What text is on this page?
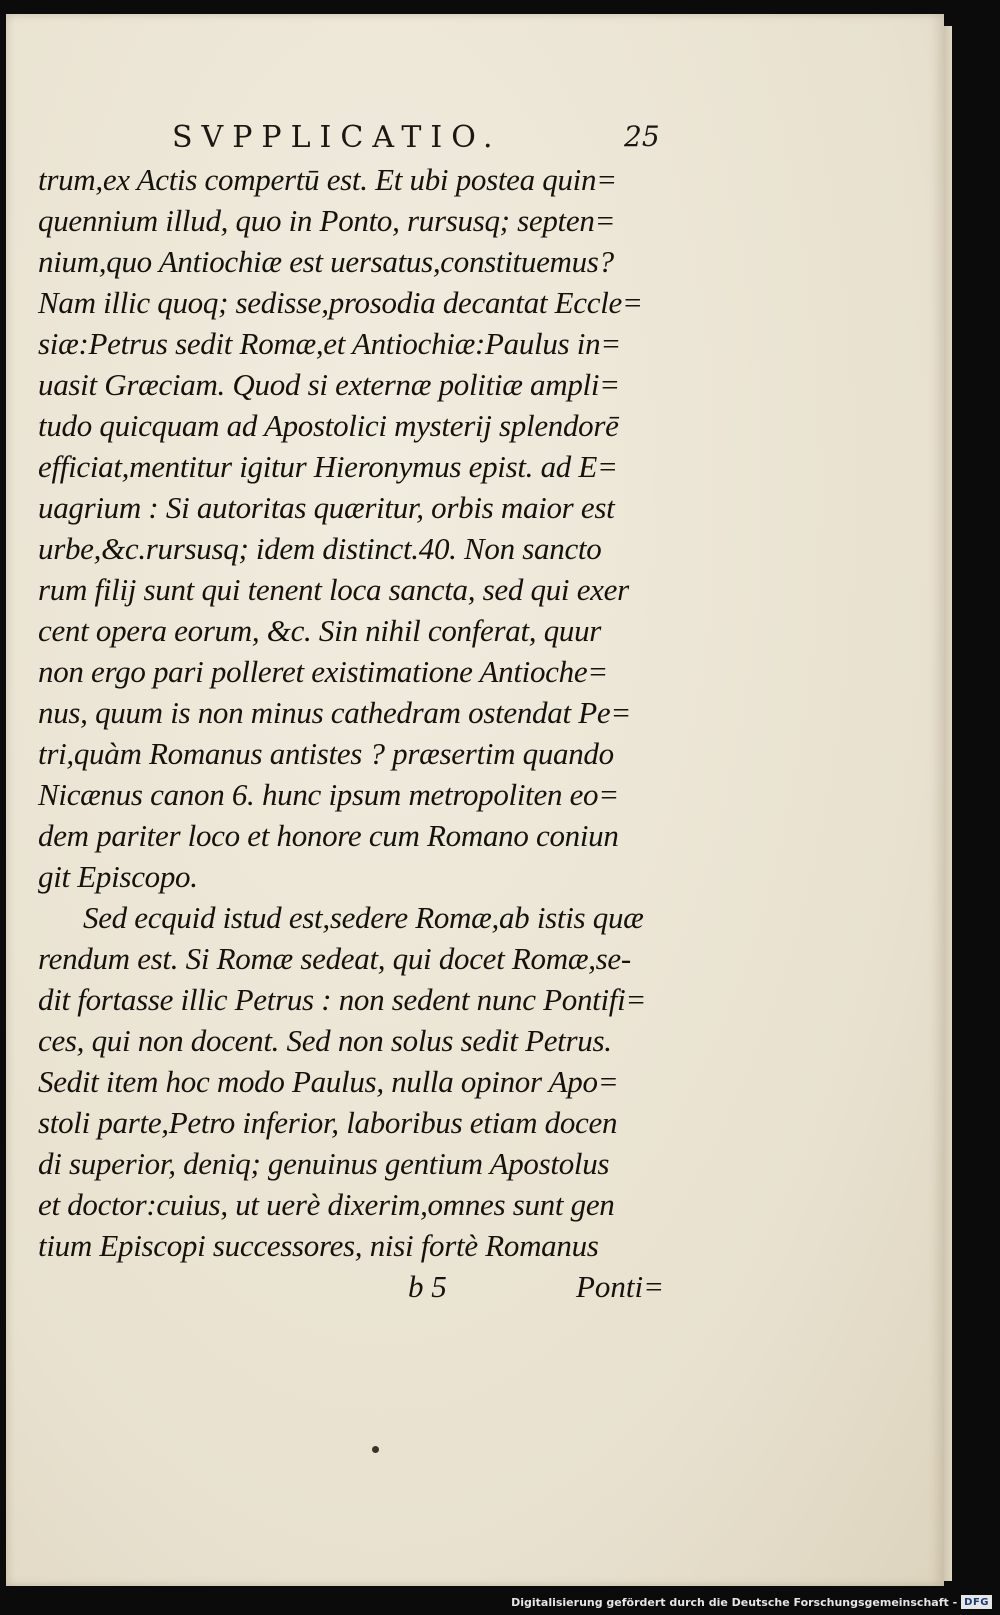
SVPPLICATIO.	25
trum,ex Actis compertū est. Et ubi postea quin=
quennium illud, quo in Ponto, rursusq; septen=
nium,quo Antiochiæ est uersatus,constituemus?
Nam illic quoq; sedisse,prosodia decantat Eccle=
siæ:Petrus sedit Romæ,et Antiochiæ:Paulus in=
uasit Græciam. Quod si externæ politiæ ampli=
tudo quicquam ad Apostolici mysterij splendorē
efficiat,mentitur igitur Hieronymus epist. ad E=
uagrium : Si autoritas quæritur, orbis maior est
urbe,&c.rursusq; idem distinct.40. Non sancto
rum filij sunt qui tenent loca sancta, sed qui exer
cent opera eorum, &c. Sin nihil conferat, quur
non ergo pari polleret existimatione Antioche=
nus, quum is non minus cathedram ostendat Pe=
tri,quàm Romanus antistes ? præsertim quando
Nicænus canon 6. hunc ipsum metropoliten eo=
dem pariter loco et honore cum Romano coniun
git Episcopo.
Sed ecquid istud est,sedere Romæ,ab istis quæ
rendum est. Si Romæ sedeat, qui docet Romæ,se-
dit fortasse illic Petrus : non sedent nunc Pontifi=
ces, qui non docent. Sed non solus sedit Petrus.
Sedit item hoc modo Paulus, nulla opinor Apo=
stoli parte,Petro inferior, laboribus etiam docen
di superior, deniq; genuinus gentium Apostolus
et doctor:cuius, ut uerè dixerim,omnes sunt gen
tium Episcopi successores, nisi fortè Romanus
b 5	Ponti=
Digitalisierung gefördert durch die Deutsche Forschungsgemeinschaft - DFG
